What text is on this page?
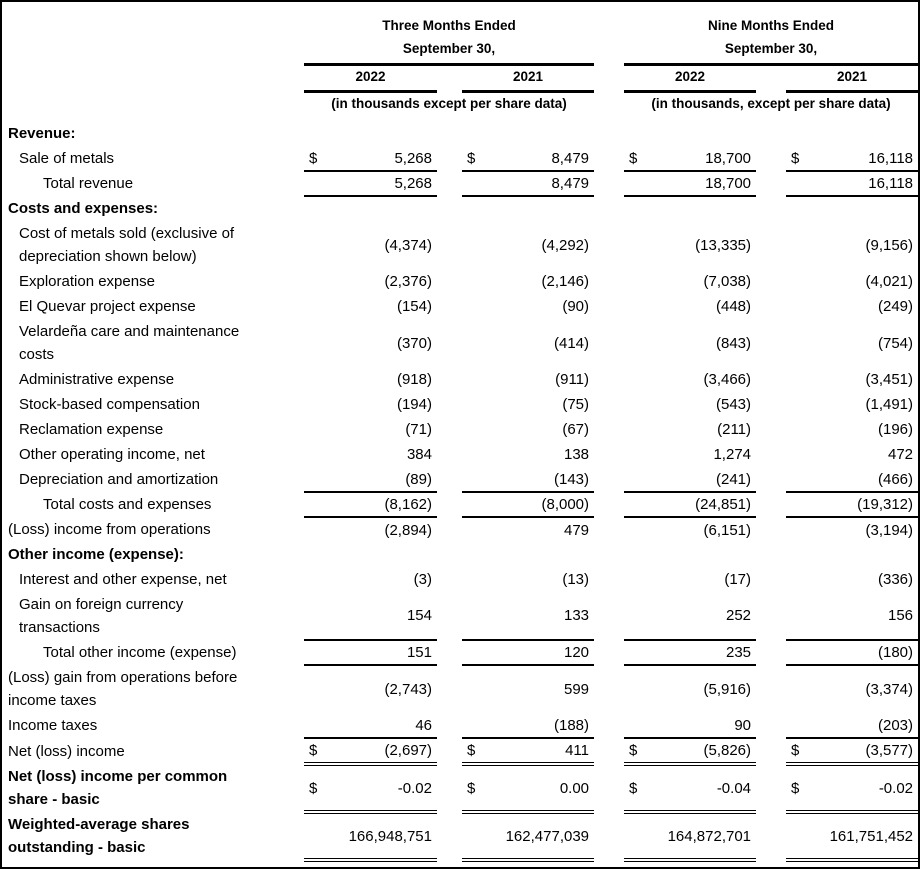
	Three Months Ended				Nine Months Ended		
	September 30,				September 30,		
	2022		2021		2022		2021
	(in thousands except per share data)				(in thousands, except per share data)		
Revenue:							
Sale of metals	$ 5,268		$ 8,479		$ 18,700		$ 16,118

Total revenue	5,268		8,479		18,700		16,118

Costs and expenses:							
Cost of metals sold (exclusive of
depreciation shown below)	(4,374)		(4,292)		(13,335)		(9,156)

Exploration expense	(2,376)		(2,146)		(7,038)		(4,021)

El Quevar project expense	(154)		(90)		(448)		(249)

Velardeña care and maintenance
costs	(370)		(414)		(843)		(754)

Administrative expense	(918)		(911)		(3,466)		(3,451)

Stock-based compensation	(194)		(75)		(543)		(1,491)

Reclamation expense	(71)		(67)		(211)		(196)

Other operating income, net	384		138		1,274		472

Depreciation and amortization	(89)		(143)		(241)		(466)

Total costs and expenses	(8,162)		(8,000)		(24,851)		(19,312)

(Loss) income from operations	(2,894)		479		(6,151)		(3,194)

Other income (expense):							
Interest and other expense, net	(3)		(13)		(17)		(336)

Gain on foreign currency
transactions	154		133		252		156

Total other income (expense)	151		120		235		(180)

(Loss) gain from operations before
income taxes	(2,743)		599		(5,916)		(3,374)

Income taxes	46		(188)		90		(203)

Net (loss) income	$ (2,697)		$ 411		$ (5,826)		$ (3,577)

Net (loss) income per common
share - basic	$ -0.02		$ 0.00		$ -0.04		$ -0.02

Weighted-average shares
outstanding - basic	166,948,751		162,477,039		164,872,701		161,751,452
